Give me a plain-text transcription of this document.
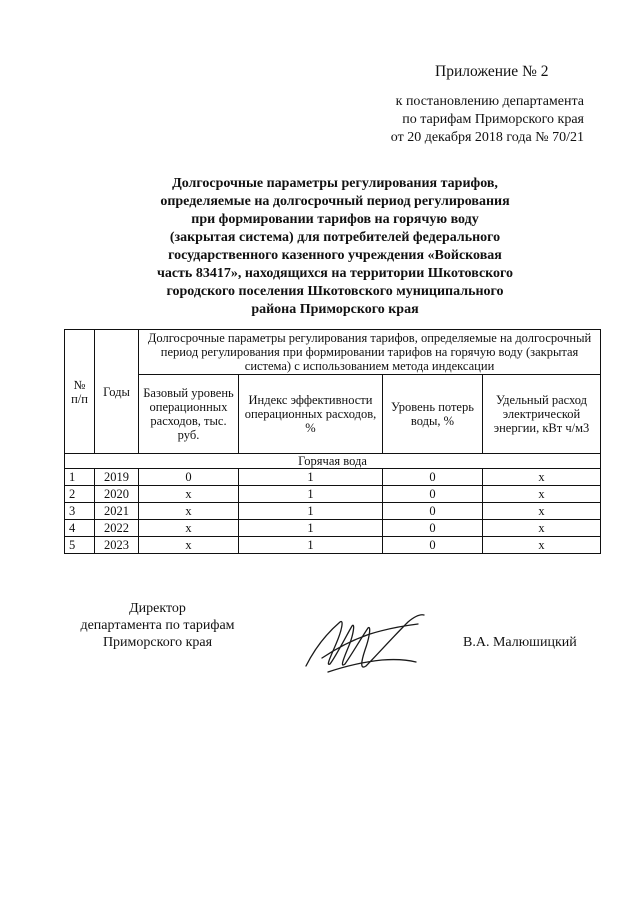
Приложение № 2
к постановлению департамента
по тарифам Приморского края
от 20 декабря 2018 года № 70/21
Долгосрочные параметры регулирования тарифов,
определяемые на долгосрочный период регулирования
при формировании тарифов на горячую воду
(закрытая система) для потребителей федерального
государственного казенного учреждения «Войсковая
часть 83417», находящихся на территории Шкотовского
городского поселения Шкотовского муниципального
района Приморского края
№ п/п	Годы	Долгосрочные параметры регулирования тарифов, определяемые на долгосрочный период регулирования при формировании тарифов на горячую воду (закрытая система) с использованием метода индексации			
		Базовый уровень операционных расходов, тыс. руб.	Индекс эффективности операционных расходов, %	Уровень потерь воды, %	Удельный расход электрической энергии, кВт ч/м3
Горячая вода					
1	2019	0	1	0	x
2	2020	x	1	0	x
3	2021	x	1	0	x
4	2022	x	1	0	x
5	2023	x	1	0	x
Директор
департамента по тарифам
Приморского края	В.А. Малюшицкий
